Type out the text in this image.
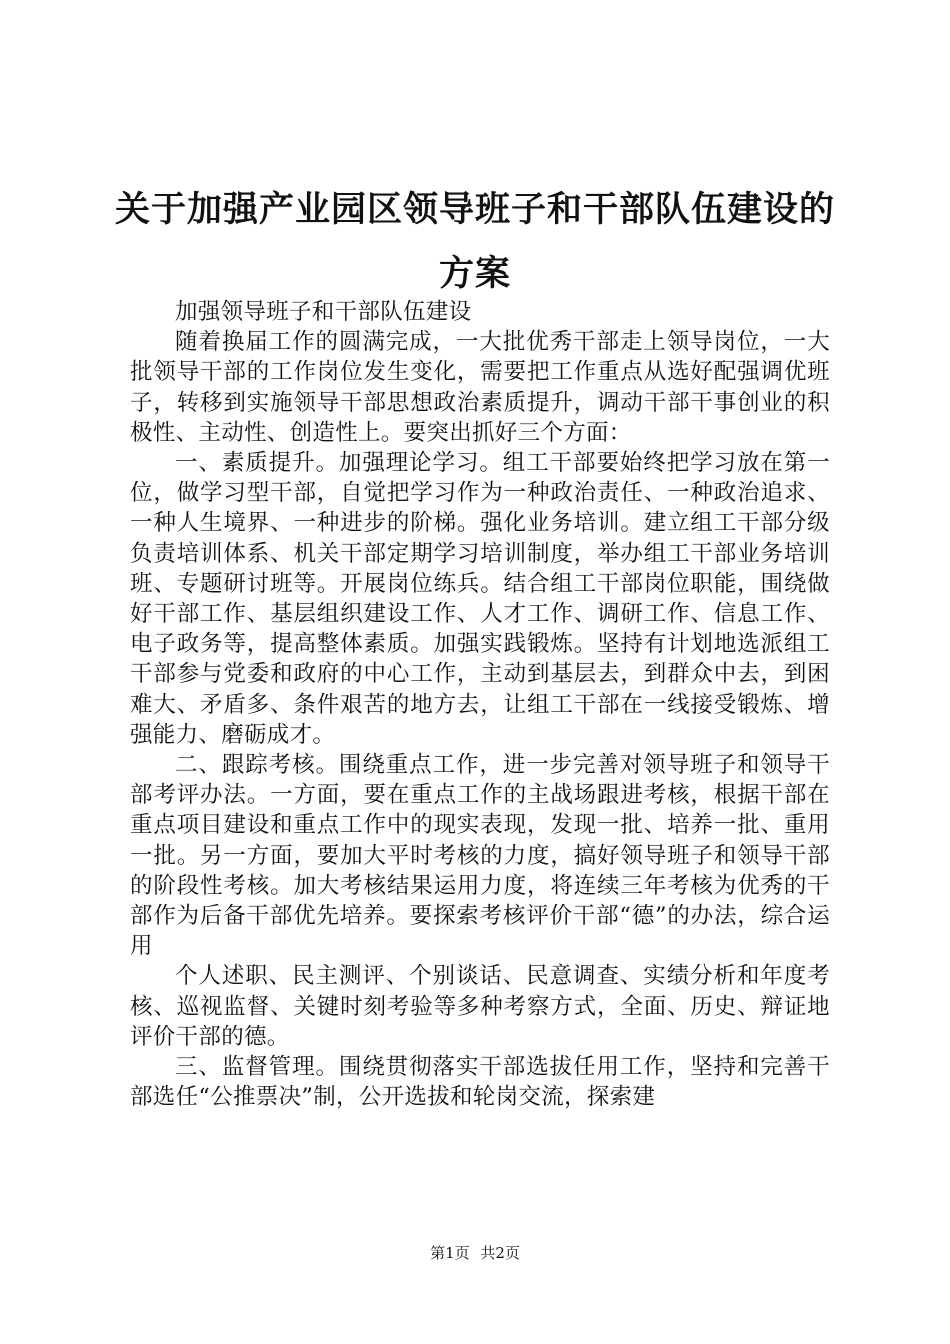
关于加强产业园区领导班子和干部队伍建设的方案

加强领导班子和干部队伍建设

随着换届工作的圆满完成，一大批优秀干部走上领导岗位，一大批领导干部的工作岗位发生变化，需要把工作重点从选好配强调优班子，转移到实施领导干部思想政治素质提升，调动干部干事创业的积极性、主动性、创造性上。要突出抓好三个方面：

一、素质提升。加强理论学习。组工干部要始终把学习放在第一位，做学习型干部，自觉把学习作为一种政治责任、一种政治追求、一种人生境界、一种进步的阶梯。强化业务培训。建立组工干部分级负责培训体系、机关干部定期学习培训制度，举办组工干部业务培训班、专题研讨班等。开展岗位练兵。结合组工干部岗位职能，围绕做好干部工作、基层组织建设工作、人才工作、调研工作、信息工作、电子政务等，提高整体素质。加强实践锻炼。坚持有计划地选派组工干部参与党委和政府的中心工作，主动到基层去，到群众中去，到困难大、矛盾多、条件艰苦的地方去，让组工干部在一线接受锻炼、增强能力、磨砺成才。

二、跟踪考核。围绕重点工作，进一步完善对领导班子和领导干部考评办法。一方面，要在重点工作的主战场跟进考核，根据干部在重点项目建设和重点工作中的现实表现，发现一批、培养一批、重用一批。另一方面，要加大平时考核的力度，搞好领导班子和领导干部的阶段性考核。加大考核结果运用力度，将连续三年考核为优秀的干部作为后备干部优先培养。要探索考核评价干部“德”的办法，综合运用

个人述职、民主测评、个别谈话、民意调查、实绩分析和年度考核、巡视监督、关键时刻考验等多种考察方式，全面、历史、辩证地评价干部的德。

三、监督管理。围绕贯彻落实干部选拔任用工作，坚持和完善干部选任“公推票决”制，公开选拔和轮岗交流，探索建

第1页 共2页
